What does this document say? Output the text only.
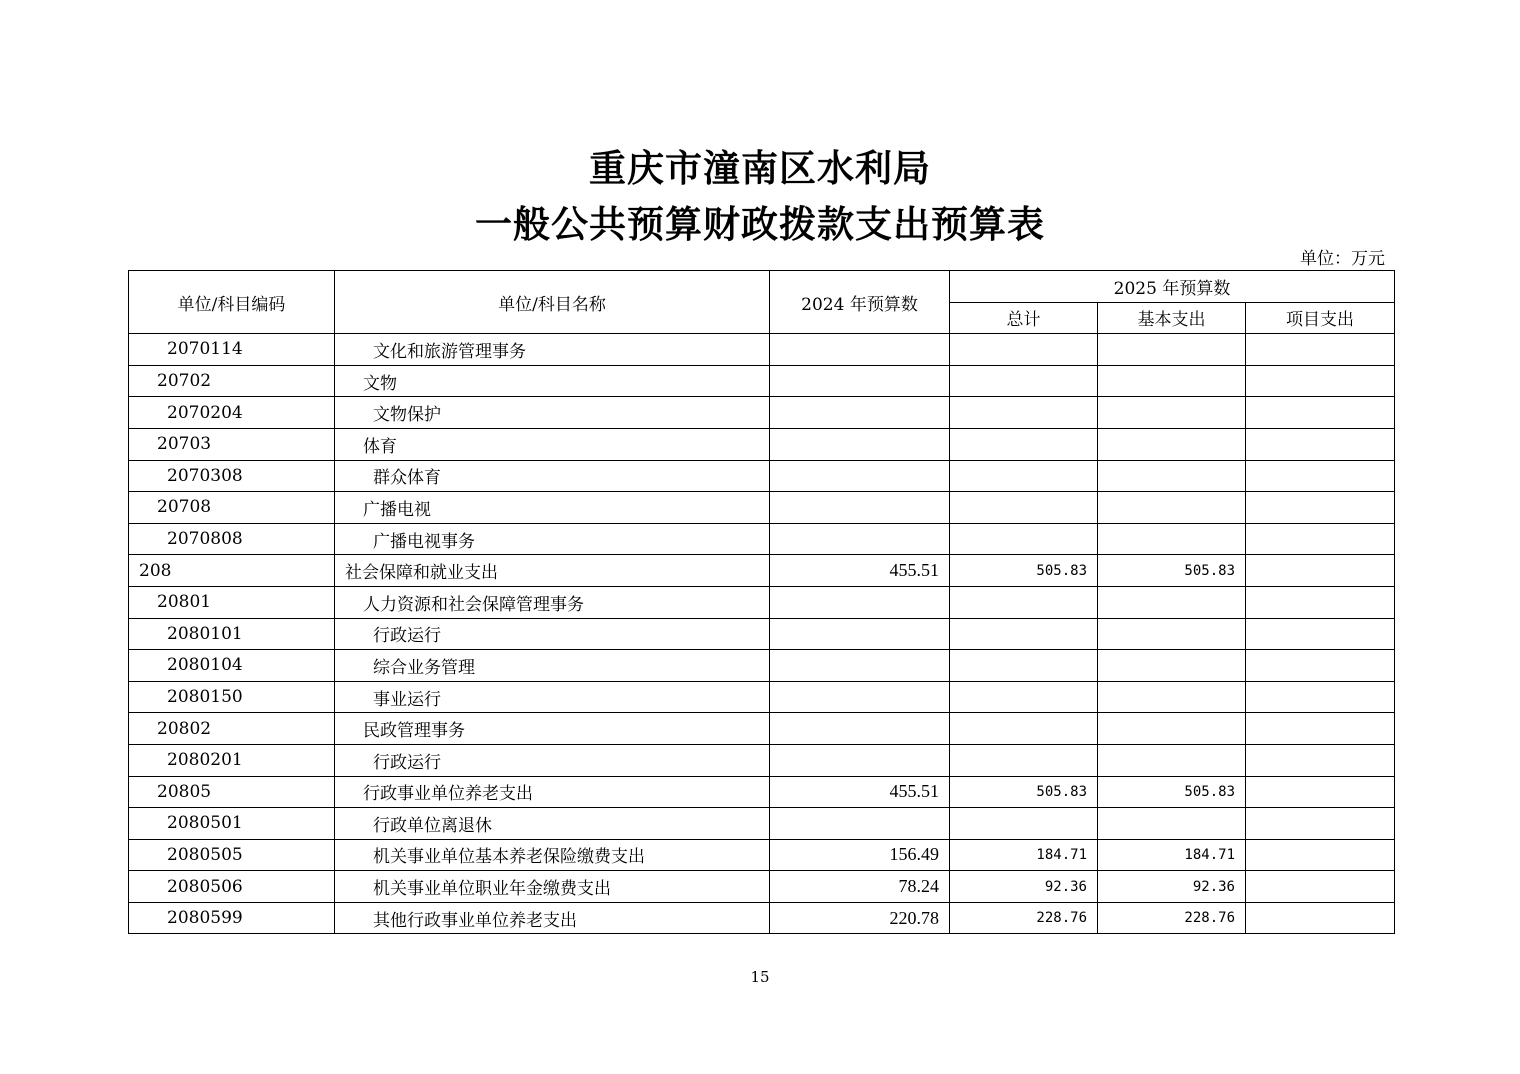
重庆市潼南区水利局
一般公共预算财政拨款支出预算表
单位：万元
单位/科目编码	单位/科目名称	2024 年预算数	2025 年预算数		
			总计	基本支出	项目支出
2070114	文化和旅游管理事务				
20702	文物				
2070204	文物保护				
20703	体育				
2070308	群众体育				
20708	广播电视				
2070808	广播电视事务				
208	社会保障和就业支出	455.51	505.83	505.83	
20801	人力资源和社会保障管理事务				
2080101	行政运行				
2080104	综合业务管理				
2080150	事业运行				
20802	民政管理事务				
2080201	行政运行				
20805	行政事业单位养老支出	455.51	505.83	505.83	
2080501	行政单位离退休				
2080505	机关事业单位基本养老保险缴费支出	156.49	184.71	184.71	
2080506	机关事业单位职业年金缴费支出	78.24	92.36	92.36	
2080599	其他行政事业单位养老支出	220.78	228.76	228.76	
15
